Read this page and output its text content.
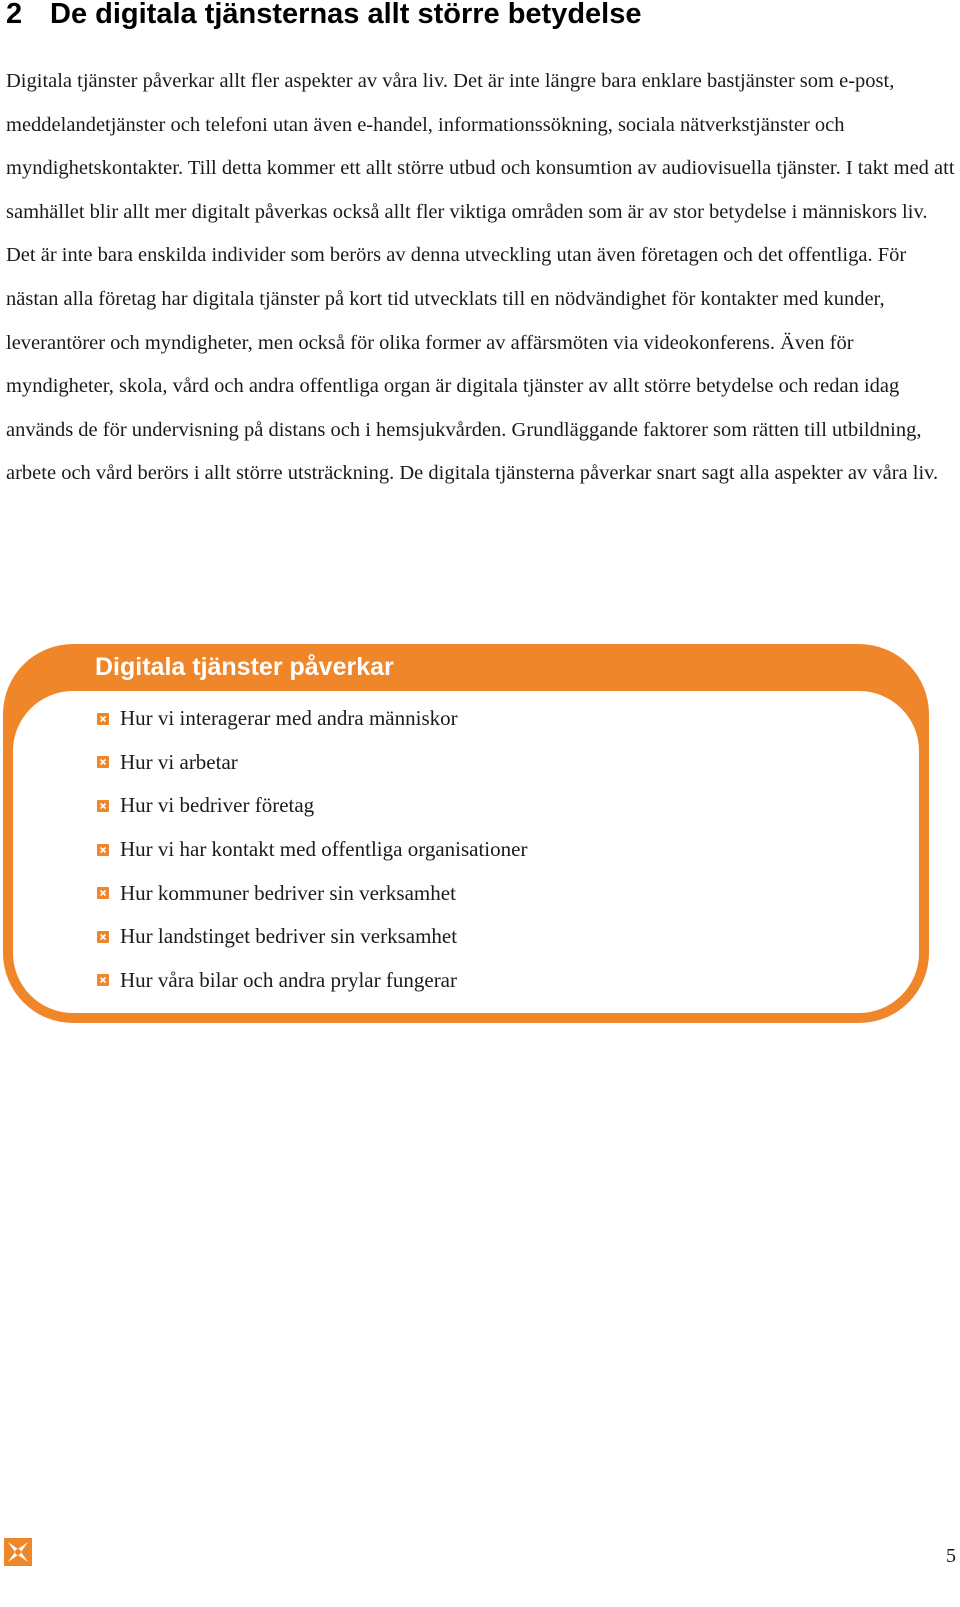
2 De digitala tjänsternas allt större betydelse

Digitala tjänster påverkar allt fler aspekter av våra liv. Det är inte längre bara enklare bastjänster som e-post, meddelandetjänster och telefoni utan även e-handel, informationssökning, sociala nätverkstjänster och myndighetskontakter. Till detta kommer ett allt större utbud och konsumtion av audiovisuella tjänster. I takt med att samhället blir allt mer digitalt påverkas också allt fler viktiga områden som är av stor betydelse i människors liv. Det är inte bara enskilda individer som berörs av denna utveckling utan även företagen och det offentliga. För nästan alla företag har digitala tjänster på kort tid utvecklats till en nödvändighet för kontakter med kunder, leverantörer och myndigheter, men också för olika former av affärsmöten via videokonferens. Även för myndigheter, skola, vård och andra offentliga organ är digitala tjänster av allt större betydelse och redan idag används de för undervisning på distans och i hemsjukvården. Grundläggande faktorer som rätten till utbildning, arbete och vård berörs i allt större utsträckning. De digitala tjänsterna påverkar snart sagt alla aspekter av våra liv.

Digitala tjänster påverkar
Hur vi interagerar med andra människor
Hur vi arbetar
Hur vi bedriver företag
Hur vi har kontakt med offentliga organisationer
Hur kommuner bedriver sin verksamhet
Hur landstinget bedriver sin verksamhet
Hur våra bilar och andra prylar fungerar

5
